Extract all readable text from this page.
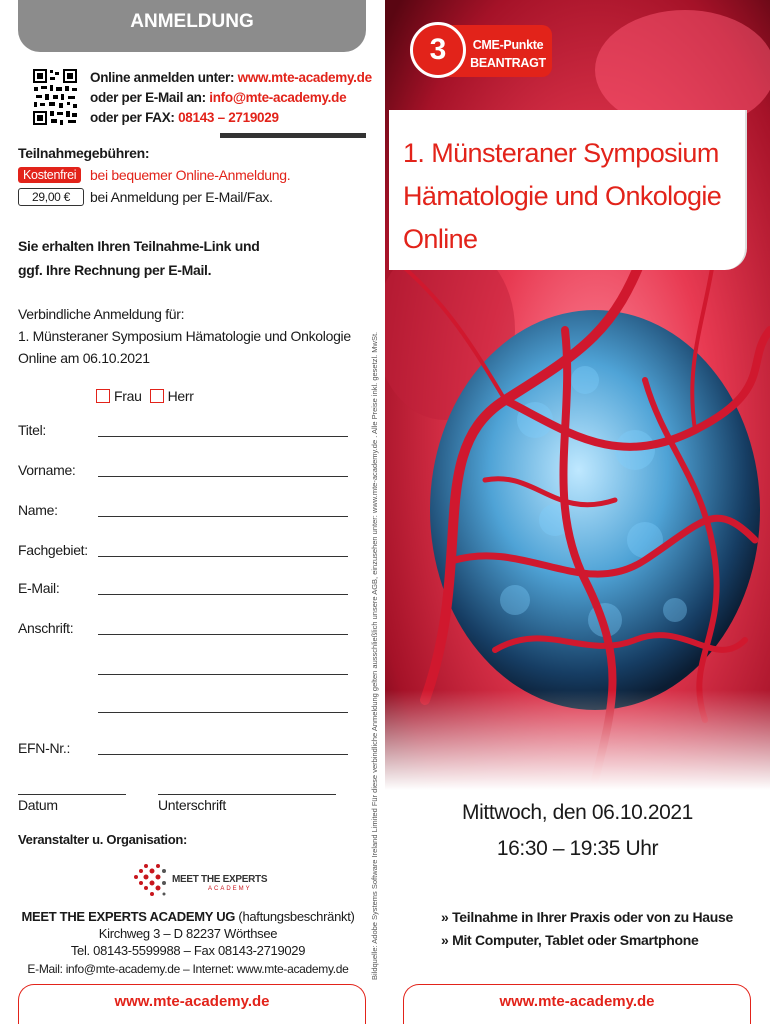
ANMELDUNG
Online anmelden unter: www.mte-academy.de
oder per E-Mail an: info@mte-academy.de
oder per FAX: 08143 – 2719029
Teilnahmegebühren:
Kostenfrei bei bequemer Online-Anmeldung.
29,00 €	bei Anmeldung per E-Mail/Fax.
Sie erhalten Ihren Teilnahme-Link und
ggf. Ihre Rechnung per E-Mail.
Verbindliche Anmeldung für:
1. Münsteraner Symposium Hämatologie und Onkologie
Online am 06.10.2021
Frau Herr
Titel:
Vorname:
Name:
Fachgebiet:
E-Mail:
Anschrift:
EFN-Nr.:
Datum	Unterschrift
Veranstalter u. Organisation:
MEET THE EXPERTS
ACADEMY
MEET THE EXPERTS ACADEMY UG (haftungsbeschränkt)
Kirchweg 3 – D 82237 Wörthsee
Tel. 08143-5599988 – Fax 08143-2719029
E-Mail: info@mte-academy.de – Internet: www.mte-academy.de
www.mte-academy.de
Bildquelle: Adobe Systems Software Ireland Limited Für diese verbindliche Anmeldung gelten ausschließlich unsere AGB, einzusehen unter: www.mte-academy.de . Alle Preise inkl. gesetzl. MwSt.
3	CME-Punkte
BEANTRAGT
1. Münsteraner Symposium
Hämatologie und Onkologie
Online
Mittwoch, den 06.10.2021
16:30 – 19:35 Uhr
» Teilnahme in Ihrer Praxis oder von zu Hause
» Mit Computer, Tablet oder Smartphone
www.mte-academy.de
